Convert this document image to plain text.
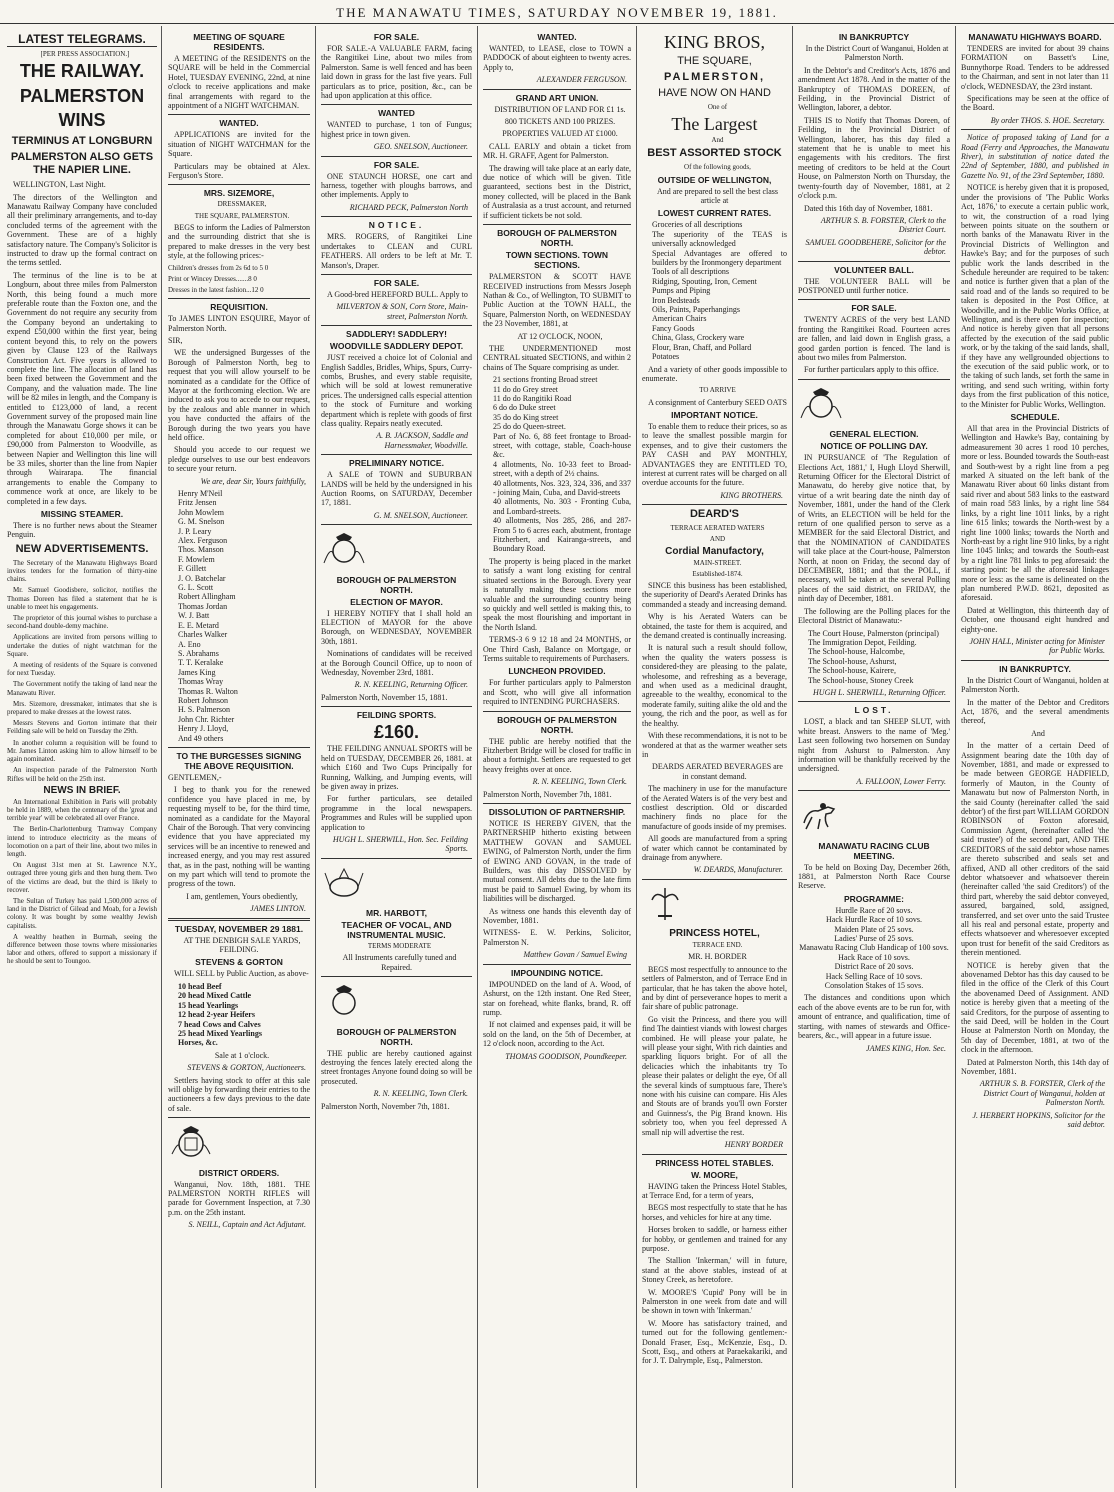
THE MANAWATU TIMES, SATURDAY NOVEMBER 19, 1881.
LATEST TELEGRAMS.

[PER PRESS ASSOCIATION.]

THE RAILWAY.
PALMERSTON WINS
TERMINUS AT LONGBURN
PALMERSTON ALSO GETS THE NAPIER LINE.

WELLINGTON, Last Night.

The directors of the Wellington and Manawatu Railway Company have concluded all their preliminary arrangements, and to-day concluded terms of the agreement with the Government. These are of a highly satisfactory nature. The Company's Solicitor is instructed to draw up the formal contract on the terms settled.

The terminus of the line is to be at Longburn, about three miles from Palmerston North, this being found a much more preferable route than the Foxton one, and the Government do not require any security from the Company beyond an undertaking to expend £50,000 within the first year, being content beyond this, to rely on the powers given by Clause 123 of the Railways Construction Act. Five years is allowed to complete the line. The allocation of land has been fixed between the Government and the Company, and the valuation made. The line will be 82 miles in length, and the Company is entitled to £123,000 of land, a recent Government survey of the proposed main line through the Manawatu Gorge shows it can be completed for about £10,000 per mile, or £90,000 from Palmerston to Woodville, as between Napier and Wellington this line will be 33 miles, shorter than the line from Napier through Wairarapa. The financial arrangements to enable the Company to commence work at once, are likely to be completed in a few days.

MISSING STEAMER.

There is no further news about the Steamer Penguin.

NEW ADVERTISEMENTS.

The Secretary of the Manawatu Highways Board invites tenders for the formation of thirty-nine chains.

Mr. Samuel Goodisbere, solicitor, notifies the Thomas Doreen has filed a statement that he is unable to meet his engagements.

The proprietor of this journal wishes to purchase a second-hand double-demy machine.

Applications are invited from persons willing to undertake the duties of night watchman for the Square.

A meeting of residents of the Square is convened for next Tuesday.

The Government notify the taking of land near the Manawatu River.

Mrs. Sizemore, dressmaker, intimates that she is prepared to make dresses at the lowest rates.

Messrs Stevens and Gorton intimate that their Feilding sale will be held on Tuesday the 29th.

In another column a requisition will be found to Mr. James Linton asking him to allow himself to be again nominated.

An inspection parade of the Palmerston North Rifles will be held on the 25th inst.

NEWS IN BRIEF.

An International Exhibition in Paris will probably be held in 1889, when the centenary of the 'great and terrible year' will be celebrated all over France.

The Berlin-Charlottenburg Tramway Company intend to introduce electricity as the means of locomotion on a part of their line, about two miles in length.

On August 31st men at St. Lawrence N.Y., outraged three young girls and then hung them. Two of the victims are dead, but the third is likely to recover.

The Sultan of Turkey has paid 1,500,000 acres of land in the District of Gilead and Moab, for a Jewish colony. It was bought by some wealthy Jewish capitalists.

A wealthy heathen in Burmah, seeing the difference between those towns where missionaries labor and others, offered to support a missionary if he should be sent to Toungoo.

MEETING OF SQUARE RESIDENTS.

A MEETING of the RESIDENTS on the SQUARE will be held in the Commercial Hotel, TUESDAY EVENING, 22nd, at nine o'clock to receive applications and make final arrangements with regard to the appointment of a NIGHT WATCHMAN.

WANTED.

APPLICATIONS are invited for the situation of NIGHT WATCHMAN for the Square.

Particulars may be obtained at Alex. Ferguson's Store.

MRS. SIZEMORE,

DRESSMAKER,

THE SQUARE, PALMERSTON.

BEGS to inform the Ladies of Palmerston and the surrounding district that she is prepared to make dresses in the very best style, at the following prices:-

Children's dresses from 2s 6d to 5 0

Print or Wincey Dresses.......8 0

Dresses in the latest fashion...12 0

REQUISITION.

To JAMES LINTON ESQUIRE, Mayor of Palmerston North.

SIR,

WE the undersigned Burgesses of the Borough of Palmerston North, beg to request that you will allow yourself to be nominated as a candidate for the Office of Mayor at the forthcoming election. We are induced to ask you to accede to our request, by the zealous and able manner in which you have conducted the affairs of the Borough during the two years you have held office.

Should you accede to our request we pledge ourselves to use our best endeavors to secure your return.

We are, dear Sir, Yours faithfully,

Henry M'Neil
Fritz Jensen
John Mowlem
G. M. Snelson
J. P. Leary
Alex. Ferguson
Thos. Manson
F. Mowlem
F. Gillett
J. O. Batchelar
G. L. Scott
Robert Allingham
Thomas Jordan
W. J. Batt
E. E. Metard
Charles Walker
A. Eno
S. Abrahams
T. T. Keralake
James King
Thomas Wray
Thomas R. Walton
Robert Johnson
H. S. Palmerson
John Chr. Richter
Henry J. Lloyd,
And 49 others
TO THE BURGESSES SIGNING THE ABOVE REQUISITION.

GENTLEMEN,-

I beg to thank you for the renewed confidence you have placed in me, by requesting myself to be, for the third time, nominated as a candidate for the Mayoral Chair of the Borough. That very convincing evidence that you have appreciated my services will be an incentive to renewed and increased energy, and you may rest assured that, as in the past, nothing will be wanting on my part which will tend to promote the progress of the town.

I am, gentlemen, Yours obediently,

JAMES LINTON.

TUESDAY, NOVEMBER 29 1881.

AT THE DENBIGH SALE YARDS, FEILDING.

STEVENS & GORTON

WILL SELL by Public Auction, as above-

10 head Beef
20 head Mixed Cattle
15 head Yearlings
12 head 2-year Heifers
7 head Cows and Calves
25 head Mixed Yearlings
Horses, &c.

Sale at 1 o'clock.

STEVENS & GORTON, Auctioneers.

Settlers having stock to offer at this sale will oblige by forwarding their entries to the auctioneers a few days previous to the date of sale.

DISTRICT ORDERS.

Wanganui, Nov. 18th, 1881. THE PALMERSTON NORTH RIFLES will parade for Government Inspection, at 7.30 p.m. on the 25th instant.

S. NEILL, Captain and Act Adjutant.

FOR SALE.

FOR SALE.-A VALUABLE FARM, facing the Rangitikei Line, about two miles from Palmerston. Same is well fenced and has been laid down in grass for the last five years. Full particulars as to price, position, &c., can be had upon application at this office.

WANTED

WANTED to purchase, 1 ton of Fungus; highest price in town given.

GEO. SNELSON, Auctioneer.

FOR SALE.

ONE STAUNCH HORSE, one cart and harness, together with ploughs barrows, and other implements. Apply to

RICHARD PECK, Palmerston North

NOTICE.

MRS. ROGERS, of Rangitikei Line undertakes to CLEAN and CURL FEATHERS. All orders to be left at Mr. T. Manson's, Draper.

FOR SALE.

A Good-bred HEREFORD BULL. Apply to

MILVERTON & SON, Corn Store, Main-street, Palmerston North.

SADDLERY! SADDLERY!
WOODVILLE SADDLERY DEPOT.

JUST received a choice lot of Colonial and English Saddles, Bridles, Whips, Spurs, Curry-combs, Brushes, and every stable requisite, which will be sold at lowest remunerative prices. The undersigned calls especial attention to the stock of Furniture and working department which is replete with goods of first class quality. Repairs neatly executed.

A. B. JACKSON, Saddle and Harnessmaker, Woodville.

PRELIMINARY NOTICE.

A SALE of TOWN and SUBURBAN LANDS will be held by the undersigned in his Auction Rooms, on SATURDAY, December 17, 1881.

G. M. SNELSON, Auctioneer.

BOROUGH OF PALMERSTON NORTH.
ELECTION OF MAYOR.

I HEREBY NOTIFY that I shall hold an ELECTION of MAYOR for the above Borough, on WEDNESDAY, NOVEMBER 30th, 1881.

Nominations of candidates will be received at the Borough Council Office, up to noon of Wednesday, November 23rd, 1881.

R. N. KEELING, Returning Officer.

Palmerston North, November 15, 1881.

FEILDING SPORTS.
£160.

THE FEILDING ANNUAL SPORTS will be held on TUESDAY, DECEMBER 26, 1881. at which £160 and Two Cups Principally for Running, Walking, and Jumping events, will be given away in prizes.

For further particulars, see detailed programme in the local newspapers. Programmes and Rules will be supplied upon application to

HUGH L. SHERWILL, Hon. Sec. Feilding Sports.

MR. HARBOTT,
TEACHER OF VOCAL, AND INSTRUMENTAL MUSIC.

TERMS MODERATE

All Instruments carefully tuned and Repaired.

BOROUGH OF PALMERSTON NORTH.

THE public are hereby cautioned against destroying the fences lately erected along the street frontages Anyone found doing so will be prosecuted.

R. N. KEELING, Town Clerk.

Palmerston North, November 7th, 1881.

WANTED.

WANTED, to LEASE, close to TOWN a PADDOCK of about eighteen to twenty acres. Apply to,

ALEXANDER FERGUSON.

GRAND ART UNION.

DISTRIBUTION OF LAND FOR £1 1s.

800 TICKETS AND 100 PRIZES.

PROPERTIES VALUED AT £1000.

CALL EARLY and obtain a ticket from MR. H. GRAFF, Agent for Palmerston.

The drawing will take place at an early date, due notice of which will be given. Title guaranteed, sections best in the District, money collected, will be placed in the Bank of Australasia as a trust account, and returned if sufficient tickets be not sold.

BOROUGH OF PALMERSTON NORTH.
TOWN SECTIONS. TOWN SECTIONS.

PALMERSTON & SCOTT HAVE RECEIVED instructions from Messrs Joseph Nathan & Co., of Wellington, TO SUBMIT to Public Auction at the TOWN HALL, the Square, Palmerston North, on WEDNESDAY the 23 November, 1881, at

AT 12 O'CLOCK, NOON,

THE UNDERMENTIONED most CENTRAL situated SECTIONS, and within 2 chains of The Square comprising as under.

21 sections fronting Broad street
11 do do Grey street
11 do do Rangitiki Road
6 do do Duke street
35 do do King street
25 do do Queen-street.
Part of No. 6, 88 feet frontage to Broad-street, with cottage, stable, Coach-house &c.
4 allotments, No. 10-33 feet to Broad-street, with a depth of 2½ chains.
40 allotments, Nos. 323, 324, 336, and 337 - joining Main, Cuba, and David-streets
40 allotments, No. 303 - Fronting Cuba, and Lombard-streets.
40 allotments, Nos 285, 286, and 287-From 5 to 6 acres each, abutment, frontage Fitzherbert, and Kairanga-streets, and Boundary Road.

The property is being placed in the market to satisfy a want long existing for central situated sections in the Borough. Every year is naturally making these sections more valuable and the surrounding country being so quickly and well settled is making this, to speak the most flourishing and important in the North Island.

TERMS-3 6 9 12 18 and 24 MONTHS, or One Third Cash, Balance on Mortgage, or Terms suitable to requirements of Purchasers.

LUNCHEON PROVIDED.

For further particulars apply to Palmerston and Scott, who will give all information required to INTENDING PURCHASERS.

BOROUGH OF PALMERSTON NORTH.

THE public are hereby notified that the Fitzherbert Bridge will be closed for traffic in about a fortnight. Settlers are requested to get heavy freights over at once.

R. N. KEELING, Town Clerk.

Palmerston North, November 7th, 1881.

DISSOLUTION OF PARTNERSHIP.

NOTICE IS HEREBY GIVEN, that the PARTNERSHIP hitherto existing between MATTHEW GOVAN and SAMUEL EWING, of Palmerston North, under the firm of EWING AND GOVAN, in the trade of Builders, was this day DISSOLVED by mutual consent. All debts due to the late firm must be paid to Samuel Ewing, by whom its liabilities will be discharged.

As witness one hands this eleventh day of November, 1881.

WITNESS- E. W. Perkins, Solicitor, Palmerston N.

Matthew Govan / Samuel Ewing

IMPOUNDING NOTICE.

IMPOUNDED on the land of A. Wood, of Ashurst, on the 12th instant. One Red Steer, star on forehead, white flanks, brand, R. off rump.

If not claimed and expenses paid, it will be sold on the land, on the 5th of December, at 12 o'clock noon, according to the Act.

THOMAS GOODISON, Poundkeeper.

KING BROS,
THE SQUARE,
PALMERSTON,
HAVE NOW ON HAND

One of

The Largest

And

BEST ASSORTED STOCK

Of the following goods,

OUTSIDE OF WELLINGTON,

And are prepared to sell the best class article at

LOWEST CURRENT RATES.
Groceries of all descriptions
The superiority of the TEAS is universally acknowledged
Special Advantages are offered to builders by the Ironmongery department
Tools of all descriptions
Ridging, Spouting, Iron, Cement
Pumps and Piping
Iron Bedsteads
Oils, Paints, Paperhangings
American Chairs
Fancy Goods
China, Glass, Crockery ware
Flour, Bran, Chaff, and Pollard
Potatoes

And a variety of other goods impossible to enumerate.

TO ARRIVE

A consignment of Canterbury SEED OATS

IMPORTANT NOTICE.

To enable them to reduce their prices, so as to leave the smallest possible margin for expenses, and to give their customers the PAY CASH and PAY MONTHLY, ADVANTAGES they are ENTITLED TO, interest at current rates will be charged on all overdue accounts for the future.

KING BROTHERS.

DEARD'S

TERRACE AERATED WATERS

AND

Cordial Manufactory,

MAIN-STREET.

Established-1874.

SINCE this business has been established, the superiority of Deard's Aerated Drinks has commanded a steady and increasing demand.

Why is his Aerated Waters can be obtained, the taste for them is acquired, and the demand created is continually increasing.

It is natural such a result should follow, when the quality the waters possess is considered-they are pleasing to the palate, wholesome, and refreshing as a beverage, and when used as a medicinal draught, agreeable to the wealthy, economical to the moderate family, suiting alike the old and the young, the rich and the poor, as well as for the healthy.

With these recommendations, it is not to be wondered at that as the warmer weather sets in

DEARDS AERATED BEVERAGES are in constant demand.

The machinery in use for the manufacture of the Aerated Waters is of the very best and costliest description. Old or discarded machinery finds no place for the manufacture of goods inside of my premises.

All goods are manufactured from a spring of water which cannot be contaminated by drainage from anywhere.

W. DEARDS, Manufacturer.

PRINCESS HOTEL,

TERRACE END.

MR. H. BORDER

BEGS most respectfully to announce to the settlers of Palmerston, and of Terrace End in particular, that he has taken the above hotel, and by dint of perseverance hopes to merit a fair share of public patronage.

Go visit the Princess, and there you will find The daintiest viands with lowest charges combined. He will please your palate, he will please your sight, With rich dainties and sparkling liquors bright. For of all the delicacies which the inhabitants try To please their palates or delight the eye, Of all the several kinds of sumptuous fare, There's none with his cuisine can compare. His Ales and Stouts are of brands you'll own Forster and Guinness's, the Pig Brand known. His sobriety too, when you feel depressed A small nip will advertise the rest.

HENRY BORDER

PRINCESS HOTEL STABLES.
W. MOORE,

HAVING taken the Princess Hotel Stables, at Terrace End, for a term of years,

BEGS most respectfully to state that he has horses, and vehicles for hire at any time.

Horses broken to saddle, or harness either for hobby, or gentlemen and trained for any purpose.

The Stallion 'Inkerman,' will in future, stand at the above stables, instead of at Stoney Creek, as heretofore.

W. MOORE'S 'Cupid' Pony will be in Palmerston in one week from date and will be shown in town with 'Inkerman.'

W. Moore has satisfactory trained, and turned out for the following gentlemen:- Donald Fraser, Esq., McKenzie, Esq., D. Scott, Esq., and others at Paraekakariki, and for J. T. Dalrymple, Esq., Palmerston.

IN BANKRUPTCY

In the District Court of Wanganui, Holden at Palmerston North.

In the Debtor's and Creditor's Acts, 1876 and amendment Act 1878. And in the matter of the Bankruptcy of THOMAS DOREEN, of Feilding, in the Provincial District of Wellington, laborer, a debtor.

THIS IS to Notify that Thomas Doreen, of Feilding, in the Provincial District of Wellington, laborer, has this day filed a statement that he is unable to meet his engagements with his creditors. The first meeting of creditors to be held at the Court House, on Palmerston North on Thursday, the twenty-fourth day of November, 1881, at 2 o'clock p.m.

Dated this 16th day of November, 1881.

ARTHUR S. B. FORSTER, Clerk to the District Court.

SAMUEL GOODBEHERE, Solicitor for the debtor.

VOLUNTEER BALL.

THE VOLUNTEER BALL will be POSTPONED until further notice.

FOR SALE.

TWENTY ACRES of the very best LAND fronting the Rangitikei Road. Fourteen acres are fallen, and laid down in English grass, a good garden portion is fenced. The land is about two miles from Palmerston.

For further particulars apply to this office.

GENERAL ELECTION.
NOTICE OF POLLING DAY.

IN PURSUANCE of 'The Regulation of Elections Act, 1881,' I, Hugh Lloyd Sherwill, Returning Officer for the Electoral District of Manawatu, do hereby give notice that, by virtue of a writ bearing date the ninth day of November, 1881, under the hand of the Clerk of Writs, an ELECTION will be held for the return of one qualified person to serve as a MEMBER for the said Electoral District, and that the NOMINATION of CANDIDATES will take place at the Court-house, Palmerston North, at noon on Friday, the second day of DECEMBER, 1881; and that the POLL, if necessary, will be taken at the several Polling places of the said district, on FRIDAY, the ninth day of December, 1881.

The following are the Polling places for the Electoral District of Manawatu:-

The Court House, Palmerston (principal)
The Immigration Depot, Feilding.
The School-house, Halcombe,
The School-house, Ashurst,
The School-house, Kairere,
The School-house, Stoney Creek

HUGH L. SHERWILL, Returning Officer.

LOST.

LOST, a black and tan SHEEP SLUT, with white breast. Answers to the name of 'Meg.' Last seen following two horsemen on Sunday night from Ashurst to Palmerston. Any information will be thankfully received by the undersigned.

A. FALLOON, Lower Ferry.

MANAWATU RACING CLUB MEETING.

To be held on Boxing Day, December 26th, 1881, at Palmerston North Race Course Reserve.

PROGRAMME:
Hurdle Race of 20 sovs.
Hack Hurdle Race of 10 sovs.
Maiden Plate of 25 sovs.
Ladies' Purse of 25 sovs.
Manawatu Racing Club Handicap of 100 sovs.
Hack Race of 10 sovs.
District Race of 20 sovs.
Hack Selling Race of 10 sovs.
Consolation Stakes of 15 sovs.

The distances and conditions upon which each of the above events are to be run for, with amount of entrance, and qualification, time of starting, with names of stewards and Office-bearers, &c., will appear in a future issue.

JAMES KING, Hon. Sec.

MANAWATU HIGHWAYS BOARD.

TENDERS are invited for about 39 chains FORMATION on Bassett's Line, Bunnythorpe Road. Tenders to be addressed to the Chairman, and sent in not later than 11 o'clock, WEDNESDAY, the 23rd instant.

Specifications may be seen at the office of the Board.

By order THOS. S. HOE. Secretary.

Notice of proposed taking of Land for a Road (Ferry and Approaches, the Manawatu River), in substitution of notice dated the 22nd of September, 1880, and published in Gazette No. 91, of the 23rd September, 1880.

NOTICE is hereby given that it is proposed, under the provisions of 'The Public Works Act, 1876,' to execute a certain public work, to wit, the construction of a road lying between points situate on the southern or north banks of the Manawatu River in the Provincial Districts of Wellington and Hawke's Bay; and for the purposes of such public work the lands described in the Schedule hereunder are required to be taken: and notice is further given that a plan of the said road and of the lands so required to be taken is deposited in the Post Office, at Woodville, and in the Public Works Office, at Wellington, and is there open for inspection; And notice is hereby given that all persons affected by the execution of the said public work, or by the taking of the said lands, shall, if they have any wellgrounded objections to the execution of the said public work, or to the taking of such lands, set forth the same in writing, and send such writing, within forty days from the first publication of this notice, to the Minister for Public Works, Wellington.

SCHEDULE.

All that area in the Provincial Districts of Wellington and Hawke's Bay, containing by admeasurement 30 acres 1 rood 10 perches, more or less. Bounded towards the South-east and South-west by a right line from a peg marked A situated on the left bank of the Manawatu River about 60 links distant from said river and about 583 links to the eastward of main road 583 links, by a right line 584 links, by a right line 1011 links, by a right line 615 links; towards the North-west by a right line 1000 links; towards the North and North-east by a right line 910 links, by a right line 1045 links; and towards the South-east by a right line 781 links to peg aforesaid: the starting point: be all the aforesaid linkages more or less: as the same is delineated on the plan numbered P.W.D. 8621, deposited as aforesaid.

Dated at Wellington, this thirteenth day of October, one thousand eight hundred and eighty-one.

JOHN HALL, Minister acting for Minister for Public Works.

IN BANKRUPTCY.

In the District Court of Wanganui, holden at Palmerston North.

In the matter of the Debtor and Creditors Act, 1876, and the several amendments thereof,

And

In the matter of a certain Deed of Assignment bearing date the 10th day of November, 1881, and made or expressed to be made between GEORGE HADFIELD, formerly of Mauton, in the County of Manawatu but now of Palmerston North, in the said County (hereinafter called 'the said debtor') of the first part WILLIAM GORDON ROBINSON of Foxton aforesaid, Commission Agent, (hereinafter called 'the said trustee') of the second part, AND THE CREDITORS of the said debtor whose names are thereto subscribed and seals set and affixed, AND all other creditors of the said debtor whatsoever and whatsoever therein (hereinafter called 'the said Creditors') of the third part, whereby the said debtor conveyed, assured, bargained, sold, assigned, transferred, and set over unto the said Trustee all his real and personal estate, property and effects whatsoever and wheresoever excepted upon trust for benefit of the said Creditors as therein mentioned.

NOTICE is hereby given that the abovenamed Debtor has this day caused to be filed in the office of the Clerk of this Court the abovenamed Deed of Assignment. AND notice is hereby given that a meeting of the said Creditors, for the purpose of assenting to the said Deed, will be holden in the Court House at Palmerston North on Monday, the 5th day of December, 1881, at two of the clock in the afternoon.

Dated at Palmerston North, this 14th day of November, 1881.

ARTHUR S. B. FORSTER, Clerk of the District Court of Wanganui, holden at Palmerston North.

J. HERBERT HOPKINS, Solicitor for the said debtor.
